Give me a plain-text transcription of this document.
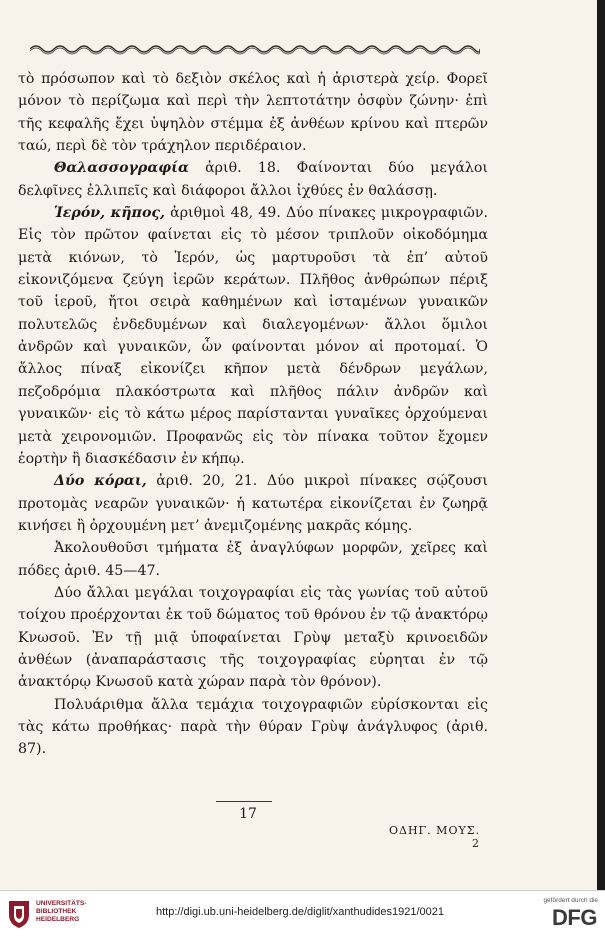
τὸ πρόσωπον καὶ τὸ δεξιὸν σκέλος καὶ ἡ ἀριστερὰ χείρ. Φορεῖ μόνον τὸ περίζωμα καὶ περὶ τὴν λεπτοτάτην ὀσφὺν ζώνην· ἐπὶ τῆς κεφαλῆς ἔχει ὑψηλὸν στέμμα ἐξ ἀνθέων κρίνου καὶ πτερῶν ταώ, περὶ δὲ τὸν τράχηλον περιδέραιον.

Θαλασσογραφία ἀριθ. 18. Φαίνονται δύο μεγάλοι δελφῖνες ἐλλιπεῖς καὶ διάφοροι ἄλλοι ἰχθύες ἐν θαλάσσῃ.

Ἱερόν, κῆπος, ἀριθμοὶ 48, 49. Δύο πίνακες μικρογραφιῶν. Εἰς τὸν πρῶτον φαίνεται εἰς τὸ μέσον τριπλοῦν οἰκοδόμημα μετὰ κιόνων, τὸ Ἱερόν, ὡς μαρτυροῦσι τὰ ἐπ’ αὐτοῦ εἰκονιζόμενα ζεύγη ἱερῶν κεράτων. Πλῆθος ἀνθρώπων πέριξ τοῦ ἱεροῦ, ἤτοι σειρὰ καθημένων καὶ ἱσταμένων γυναικῶν πολυτελῶς ἐνδεδυμένων καὶ διαλεγομένων· ἄλλοι ὅμιλοι ἀνδρῶν καὶ γυναικῶν, ὧν φαίνονται μόνον αἱ προτομαί. Ὁ ἄλλος πίναξ εἰκονίζει κῆπον μετὰ δένδρων μεγάλων, πεζοδρόμια πλακόστρωτα καὶ πλῆθος πάλιν ἀνδρῶν καὶ γυναικῶν· εἰς τὸ κάτω μέρος παρίστανται γυναῖκες ὀρχούμεναι μετὰ χειρονομιῶν. Προφανῶς εἰς τὸν πίνακα τοῦτον ἔχομεν ἑορτὴν ἢ διασκέδασιν ἐν κήπῳ.

Δύο κόραι, ἀριθ. 20, 21. Δύο μικροὶ πίνακες σῴζουσι προτομὰς νεαρῶν γυναικῶν· ἡ κατωτέρα εἰκονίζεται ἐν ζωηρᾷ κινήσει ἢ ὀρχουμένη μετ’ ἀνεμιζομένης μακρᾶς κόμης.

Ἀκολουθοῦσι τμήματα ἐξ ἀναγλύφων μορφῶν, χεῖρες καὶ πόδες ἀριθ. 45—47.

Δύο ἄλλαι μεγάλαι τοιχογραφίαι εἰς τὰς γωνίας τοῦ αὐτοῦ τοίχου προέρχονται ἐκ τοῦ δώματος τοῦ θρόνου ἐν τῷ ἀνακτόρῳ Κνωσοῦ. Ἐν τῇ μιᾷ ὑποφαίνεται Γρὺψ μεταξὺ κρινοειδῶν ἀνθέων (ἀναπαράστασις τῆς τοιχογραφίας εὑρηται ἐν τῷ ἀνακτόρῳ Κνωσοῦ κατὰ χώραν παρὰ τὸν θρόνον).

Πολυάριθμα ἄλλα τεμάχια τοιχογραφιῶν εὑρίσκονται εἰς τὰς κάτω προθήκας· παρὰ τὴν θύραν Γρὺψ ἀνάγλυφος (ἀριθ. 87).

17
ΟΔΗΓ. ΜΟΥΣ. 2
UNIVERSITÄTS-BIBLIOTHEK HEIDELBERG
http://digi.ub.uni-heidelberg.de/diglit/xanthudides1921/0021
gefördert durch die
DFG
